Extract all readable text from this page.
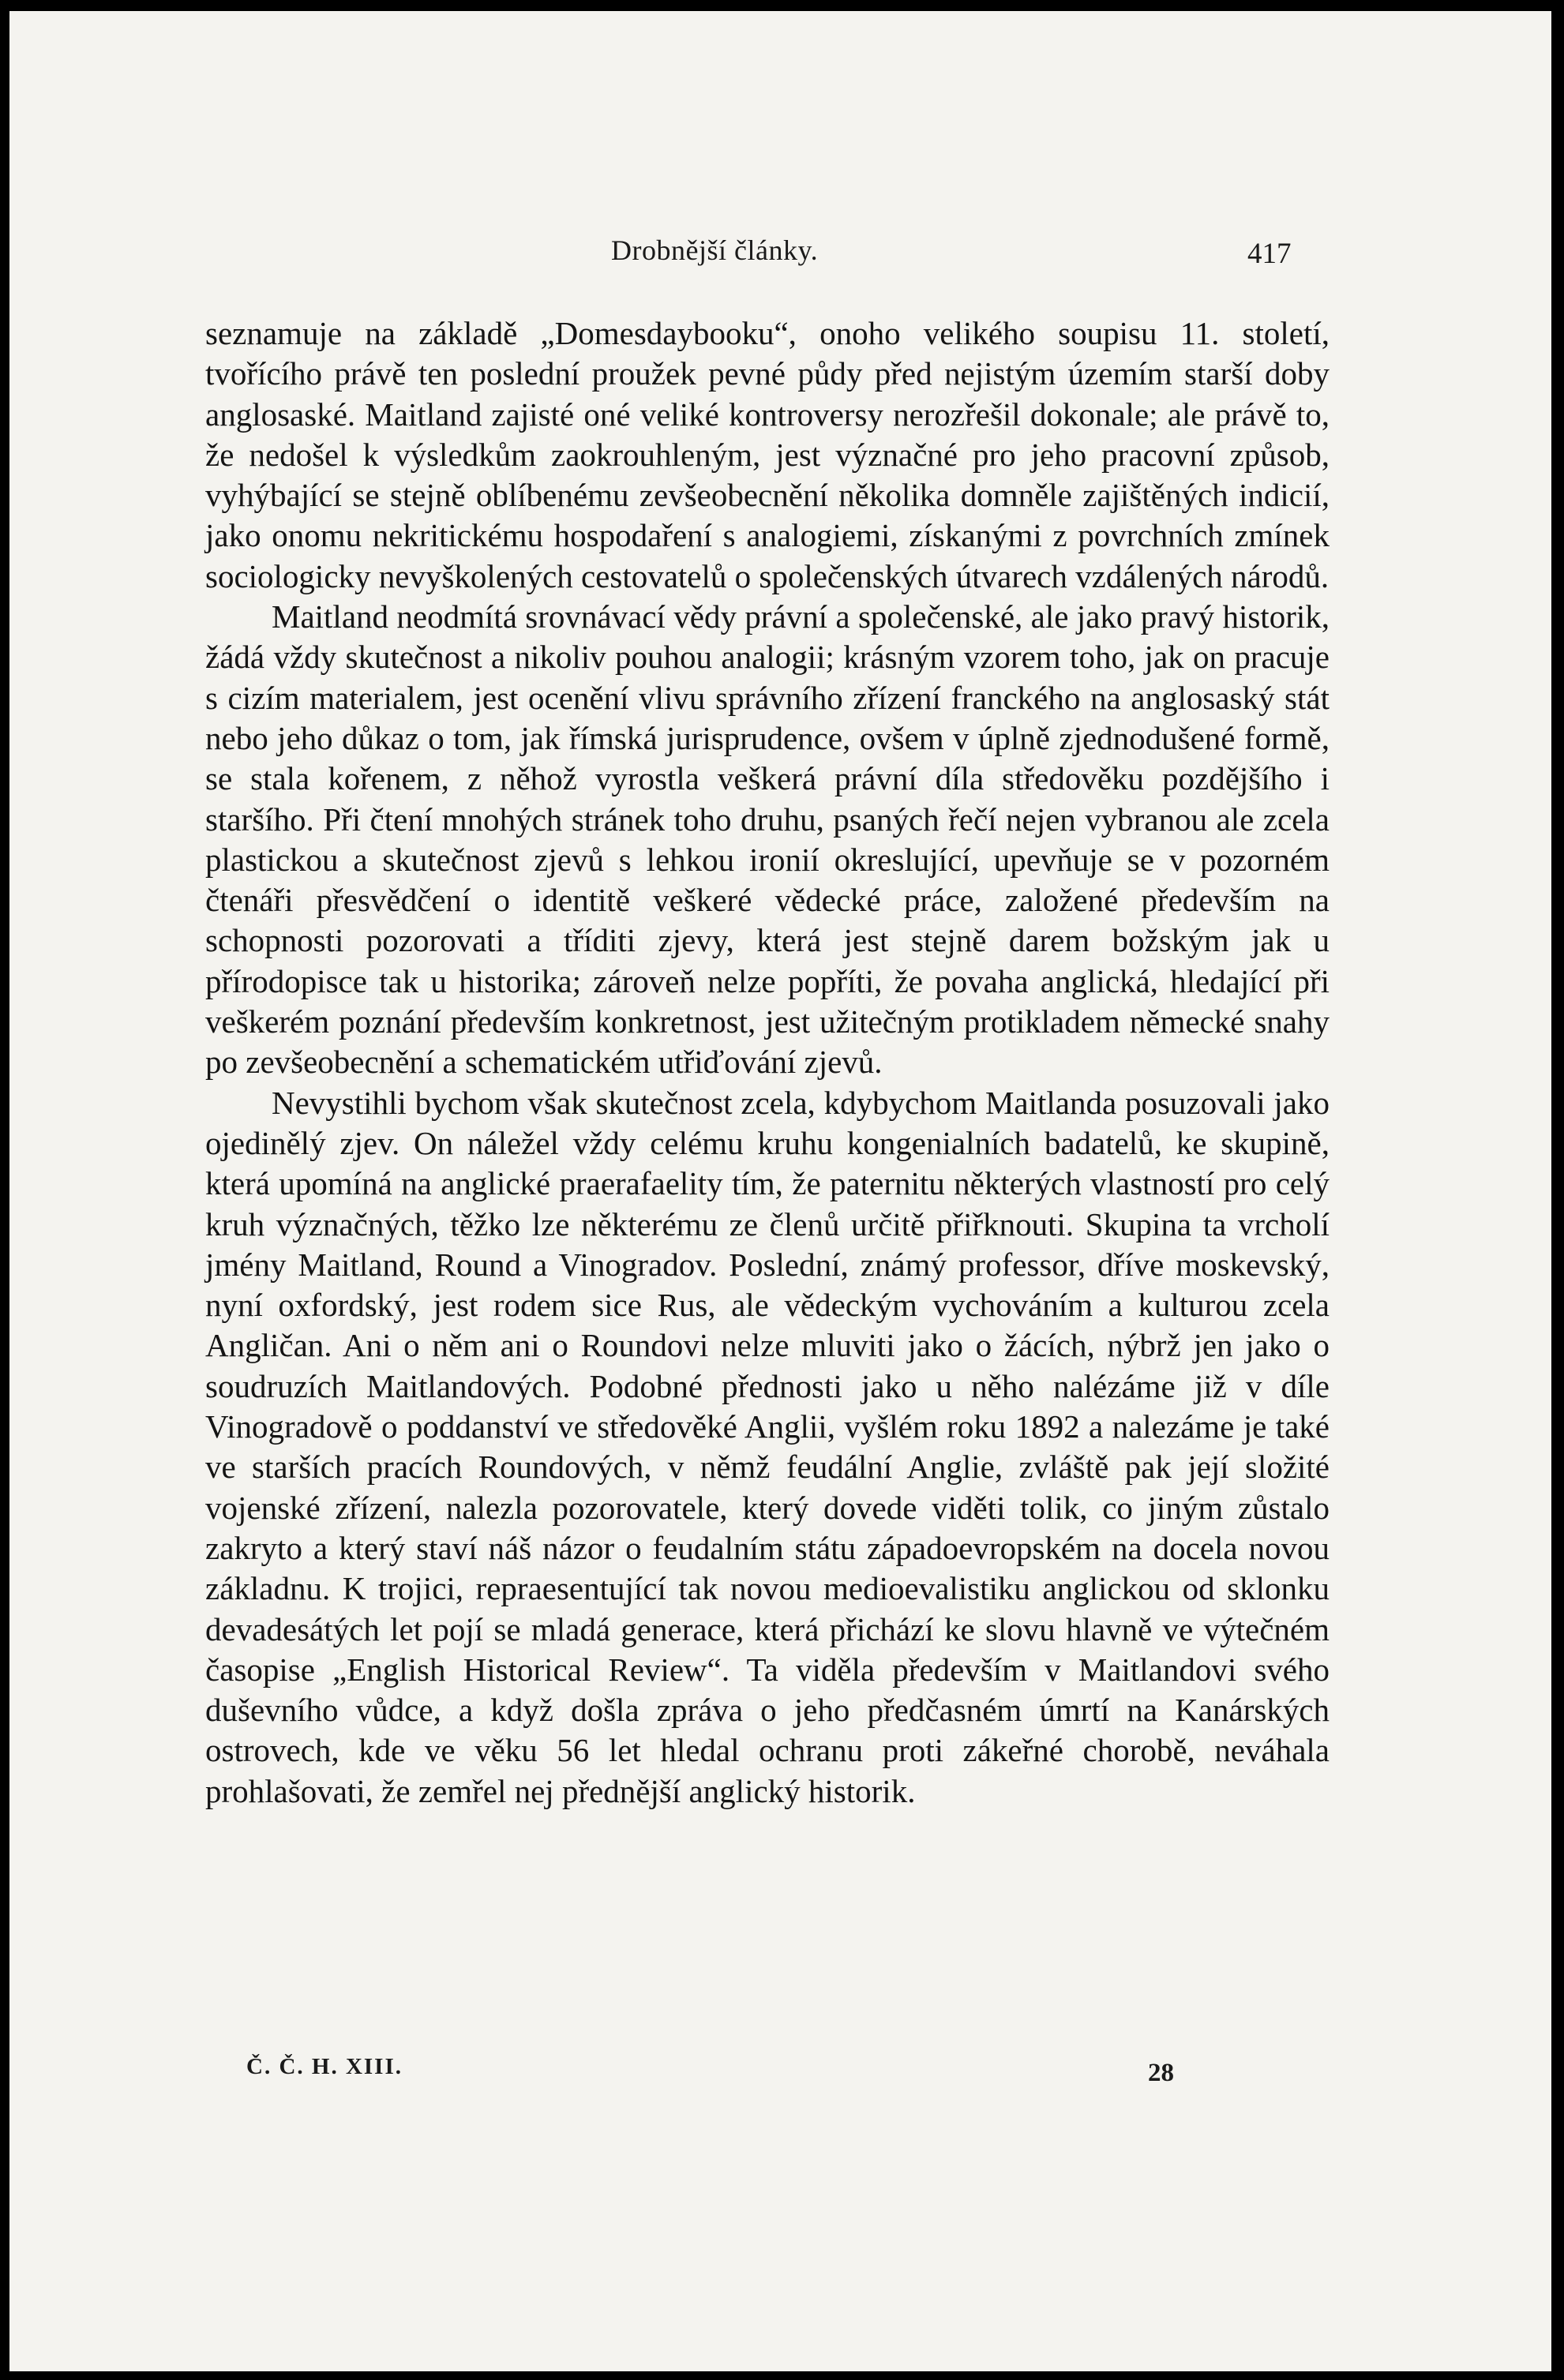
Drobnější články.	417

seznamuje na základě „Domesdaybooku“, onoho velikého soupisu 11. století, tvořícího právě ten poslední proužek pevné půdy před nejistým územím starší doby anglosaské. Maitland zajisté oné veliké kontroversy nerozřešil dokonale; ale právě to, že nedošel k výsledkům zaokrouhleným, jest význačné pro jeho pracovní způsob, vyhýbající se stejně oblíbenému zevšeobecnění několika domněle zajištěných indicií, jako onomu nekritickému hospodaření s analogiemi, získanými z povrchních zmínek sociologicky nevyškolených cestovatelů o společenských útvarech vzdálených národů.

Maitland neodmítá srovnávací vědy právní a společenské, ale jako pravý historik, žádá vždy skutečnost a nikoliv pouhou analogii; krásným vzorem toho, jak on pracuje s cizím materialem, jest ocenění vlivu správního zřízení franckého na anglosaský stát nebo jeho důkaz o tom, jak římská jurisprudence, ovšem v úplně zjednodušené formě, se stala kořenem, z něhož vyrostla veškerá právní díla středověku pozdějšího i staršího. Při čtení mnohých stránek toho druhu, psaných řečí nejen vybranou ale zcela plastickou a skutečnost zjevů s lehkou ironií okreslující, upevňuje se v pozorném čtenáři přesvědčení o identitě veškeré vědecké práce, založené především na schopnosti pozorovati a tříditi zjevy, která jest stejně darem božským jak u přírodopisce tak u historika; zároveň nelze popříti, že povaha anglická, hledající při veškerém poznání především konkretnost, jest užitečným protikladem německé snahy po zevšeobecnění a schematickém utřiďování zjevů.

Nevystihli bychom však skutečnost zcela, kdybychom Maitlanda posuzovali jako ojedinělý zjev. On náležel vždy celému kruhu kongenialních badatelů, ke skupině, která upomíná na anglické praerafaelity tím, že paternitu některých vlastností pro celý kruh význačných, těžko lze některému ze členů určitě přiřknouti. Skupina ta vrcholí jmény Maitland, Round a Vinogradov. Poslední, známý professor, dříve moskevský, nyní oxfordský, jest rodem sice Rus, ale vědeckým vychováním a kulturou zcela Angličan. Ani o něm ani o Roundovi nelze mluviti jako o žácích, nýbrž jen jako o soudruzích Maitlandových. Podobné přednosti jako u něho nalézáme již v díle Vinogradově o poddanství ve středověké Anglii, vyšlém roku 1892 a nalezáme je také ve starších pracích Roundových, v němž feudální Anglie, zvláště pak její složité vojenské zřízení, nalezla pozorovatele, který dovede viděti tolik, co jiným zůstalo zakryto a který staví náš názor o feudalním státu západoevropském na docela novou základnu. K trojici, repraesentující tak novou medioevalistiku anglickou od sklonku devadesátých let pojí se mladá generace, která přichází ke slovu hlavně ve výtečném časopise „English Historical Review“. Ta viděla především v Maitlandovi svého duševního vůdce, a když došla zpráva o jeho předčasném úmrtí na Kanárských ostrovech, kde ve věku 56 let hledal ochranu proti zákeřné chorobě, neváhala prohlašovati, že zemřel nej přednější anglický historik.

Č. Č. H. XIII.	28
